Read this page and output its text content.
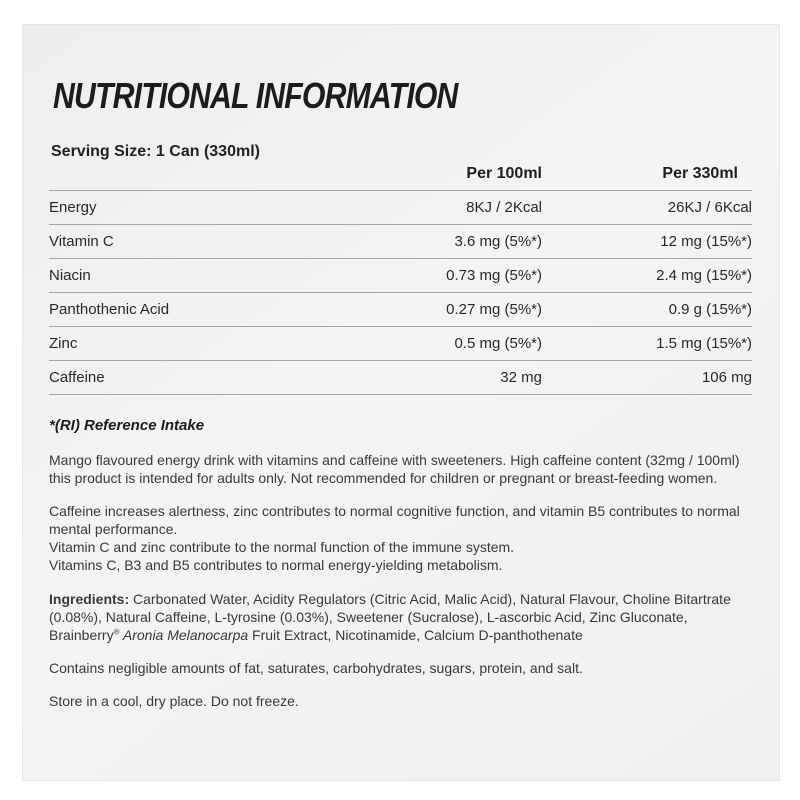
NUTRITIONAL INFORMATION
Serving Size: 1 Can (330ml)
	Per 100ml	Per 330ml
Energy	8KJ / 2Kcal	26KJ / 6Kcal
Vitamin C	3.6 mg (5%*)	12 mg (15%*)
Niacin	0.73 mg (5%*)	2.4 mg (15%*)
Panthothenic Acid	0.27 mg (5%*)	0.9 g (15%*)
Zinc	0.5 mg (5%*)	1.5 mg (15%*)
Caffeine	32 mg	106 mg
*(RI) Reference Intake

Mango flavoured energy drink with vitamins and caffeine with sweeteners. High caffeine content (32mg / 100ml) this product is intended for adults only. Not recommended for children or pregnant or breast-feeding women.

Caffeine increases alertness, zinc contributes to normal cognitive function, and vitamin B5 contributes to normal mental performance.
Vitamin C and zinc contribute to the normal function of the immune system.
Vitamins C, B3 and B5 contributes to normal energy-yielding metabolism.

Ingredients: Carbonated Water, Acidity Regulators (Citric Acid, Malic Acid), Natural Flavour, Choline Bitartrate (0.08%), Natural Caffeine, L-tyrosine (0.03%), Sweetener (Sucralose), L-ascorbic Acid, Zinc Gluconate, Brainberry® Aronia Melanocarpa Fruit Extract, Nicotinamide, Calcium D-panthothenate

Contains negligible amounts of fat, saturates, carbohydrates, sugars, protein, and salt.

Store in a cool, dry place. Do not freeze.
